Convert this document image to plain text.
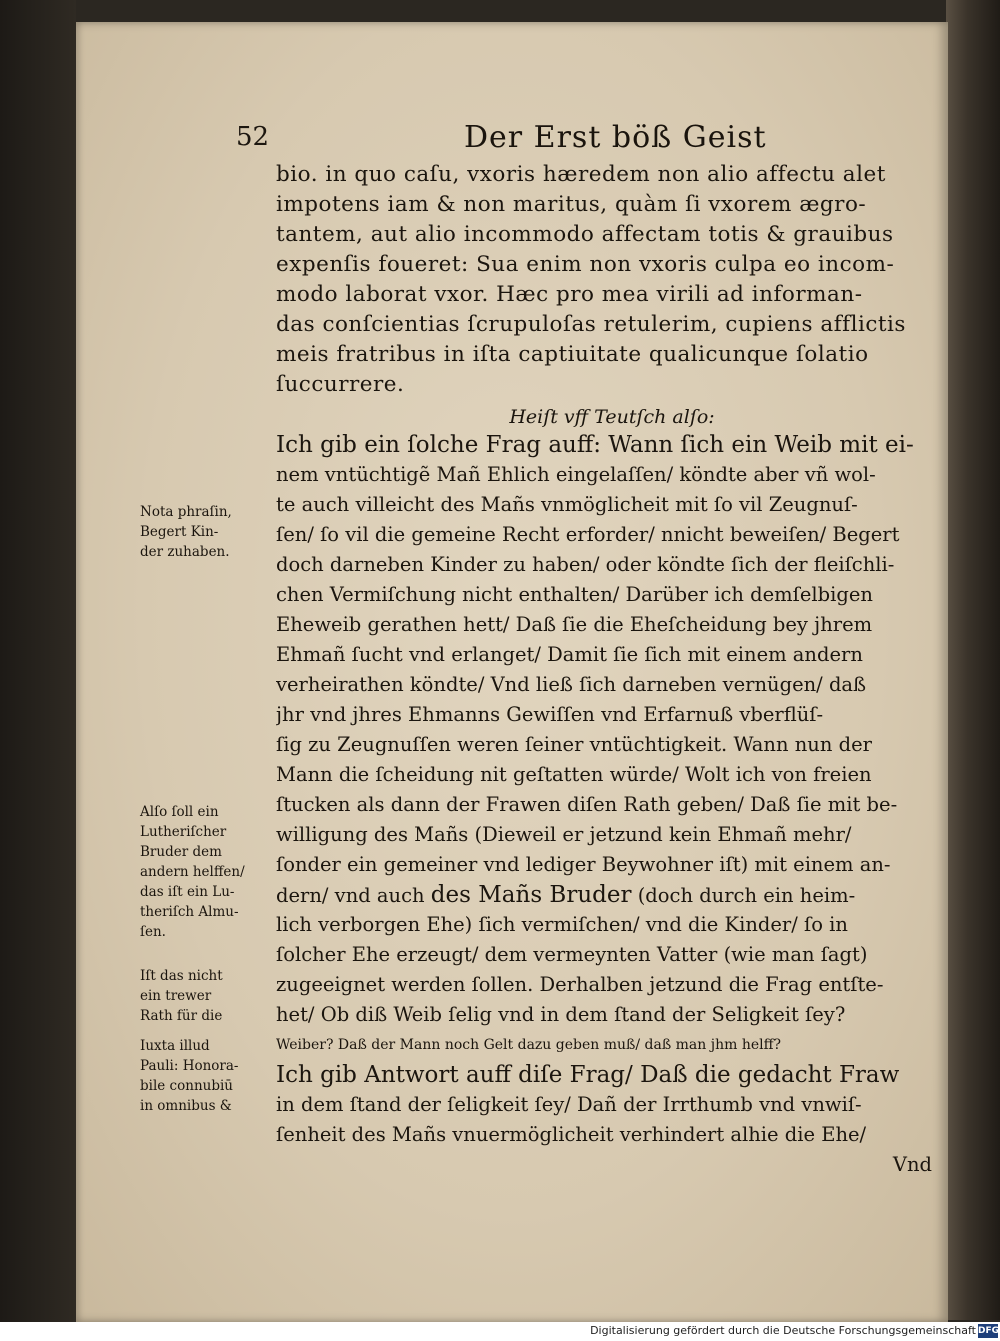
52	Der Erst böß Geist
bio. in quo caſu, vxoris hæredem non alio affectu alet
impotens iam & non maritus, quàm ſi vxorem ægro-
tantem, aut alio incommodo affectam totis & grauibus
expenſis foueret: Sua enim non vxoris culpa eo incom-
modo laborat vxor. Hæc pro mea virili ad informan-
das conſcientias ſcrupuloſas retulerim, cupiens afflictis
meis fratribus in iſta captiuitate qualicunque ſolatio
ſuccurrere.
Heiſt vff Teutſch alſo:
Ich gib ein ſolche Frag auff: Wann ſich ein Weib mit ei-
nem vntüchtigẽ Mañ Ehlich eingelaſſen/ köndte aber vñ wol-
te auch villeicht des Mañs vnmöglicheit mit ſo vil Zeugnuſ-
ſen/ ſo vil die gemeine Recht erforder/ nnicht beweiſen/ Begert
doch darneben Kinder zu haben/ oder köndte ſich der fleiſchli-
chen Vermiſchung nicht enthalten/ Darüber ich demſelbigen
Eheweib gerathen hett/ Daß ſie die Eheſcheidung bey jhrem
Ehmañ ſucht vnd erlanget/ Damit ſie ſich mit einem andern
verheirathen köndte/ Vnd ließ ſich darneben vernügen/ daß
jhr vnd jhres Ehmanns Gewiſſen vnd Erfarnuß vberflüſ-
ſig zu Zeugnuſſen weren ſeiner vntüchtigkeit. Wann nun der
Mann die ſcheidung nit geſtatten würde/ Wolt ich von freien
ſtucken als dann der Frawen diſen Rath geben/ Daß ſie mit be-
willigung des Mañs (Dieweil er jetzund kein Ehmañ mehr/
ſonder ein gemeiner vnd lediger Beywohner iſt) mit einem an-
dern/ vnd auch des Mañs Bruder (doch durch ein heim-
lich verborgen Ehe) ſich vermiſchen/ vnd die Kinder/ ſo in
ſolcher Ehe erzeugt/ dem vermeynten Vatter (wie man ſagt)
zugeeignet werden ſollen. Derhalben jetzund die Frag entſte-
het/ Ob diß Weib ſelig vnd in dem ſtand der Seligkeit ſey?
Weiber? Daß der Mann noch Gelt dazu geben muß/ daß man jhm helff?
Ich gib Antwort auff diſe Frag/ Daß die gedacht Fraw
in dem ſtand der ſeligkeit ſey/ Dañ der Irrthumb vnd vnwiſ-
ſenheit des Mañs vnuermöglicheit verhindert alhie die Ehe/
Vnd
Nota phraſin,
Begert Kin-
der zuhaben.
Alſo ſoll ein
Lutheriſcher
Bruder dem
andern helffen/
das iſt ein Lu-
theriſch Almu-
ſen.
Iſt das nicht
ein trewer
Rath für die
Iuxta illud
Pauli: Honora-
bile connubiū
in omnibus &
Digitalisierung gefördert durch die Deutsche Forschungsgemeinschaft DFG
